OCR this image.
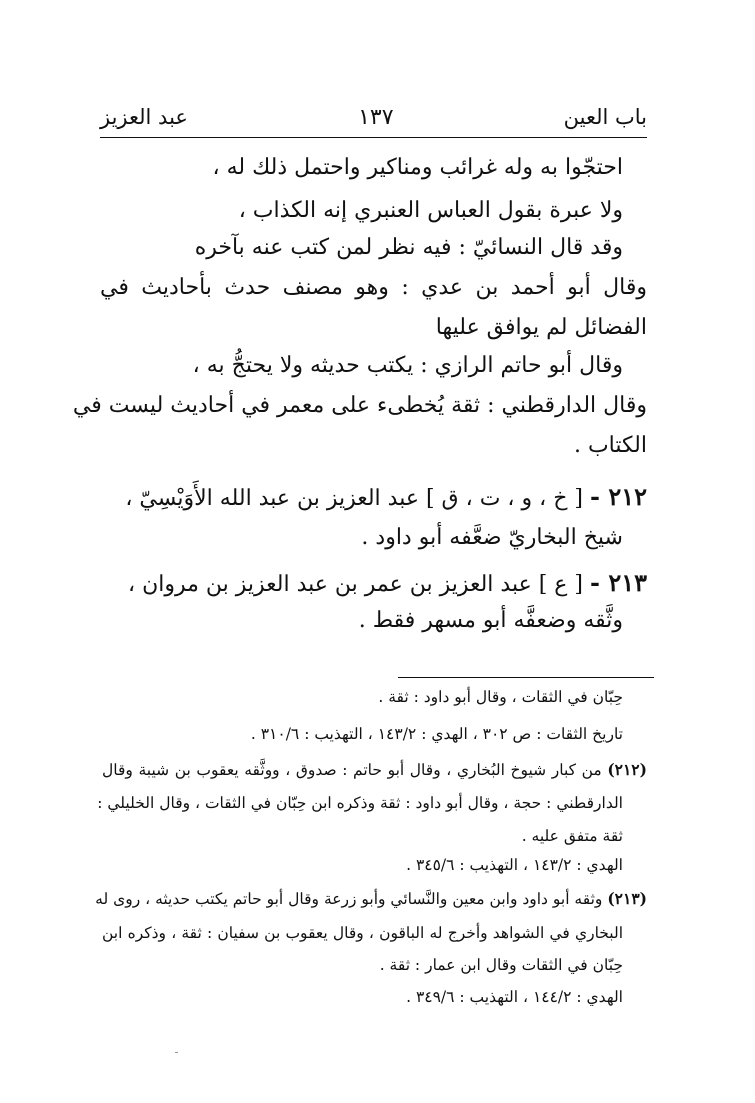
باب العين
١٣٧
عبد العزيز
احتجّوا به وله غرائب ومناكير واحتمل ذلك له ،
ولا عبرة بقول العباس العنبري إنه الكذاب ،
وقد قال النسائيّ : فيه نظر لمن كتب عنه بآخره
وقال أبو أحمد بن عدي : وهو مصنف حدث بأحاديث في
الفضائل لم يوافق عليها
وقال أبو حاتم الرازي : يكتب حديثه ولا يحتجُّ به ،
وقال الدارقطني : ثقة يُخطىء على معمر في أحاديث ليست في
الكتاب .
٢١٢ - [ خ ، و ، ت ، ق ] عبد العزيز بن عبد الله الأَوَيْسِيّ ،
شيخ البخاريّ ضعَّفه أبو داود .
٢١٣ - [ ع ] عبد العزيز بن عمر بن عبد العزيز بن مروان ،
وثَّقه وضعفَّه أبو مسهر فقط .
حِبّان في الثقات ، وقال أبو داود : ثقة .
تاريخ الثقات : ص ٣٠٢ ، الهدي : ١٤٣/٢ ، التهذيب : ٣١٠/٦ .
(٢١٢) من كبار شيوخ البُخاري ، وقال أبو حاتم : صدوق ، ووثَّقه يعقوب بن شيبة وقال
الدارقطني : حجة ، وقال أبو داود : ثقة وذكره ابن حِبّان في الثقات ، وقال الخليلي :
ثقة متفق عليه .
الهدي : ١٤٣/٢ ، التهذيب : ٣٤٥/٦ .
(٢١٣) وثقه أبو داود وابن معين والنَّسائي وأبو زرعة وقال أبو حاتم يكتب حديثه ، روى له
البخاري في الشواهد وأخرج له الباقون ، وقال يعقوب بن سفيان : ثقة ، وذكره ابن
حِبّان في الثقات وقال ابن عمار : ثقة .
الهدي : ١٤٤/٢ ، التهذيب : ٣٤٩/٦ .
